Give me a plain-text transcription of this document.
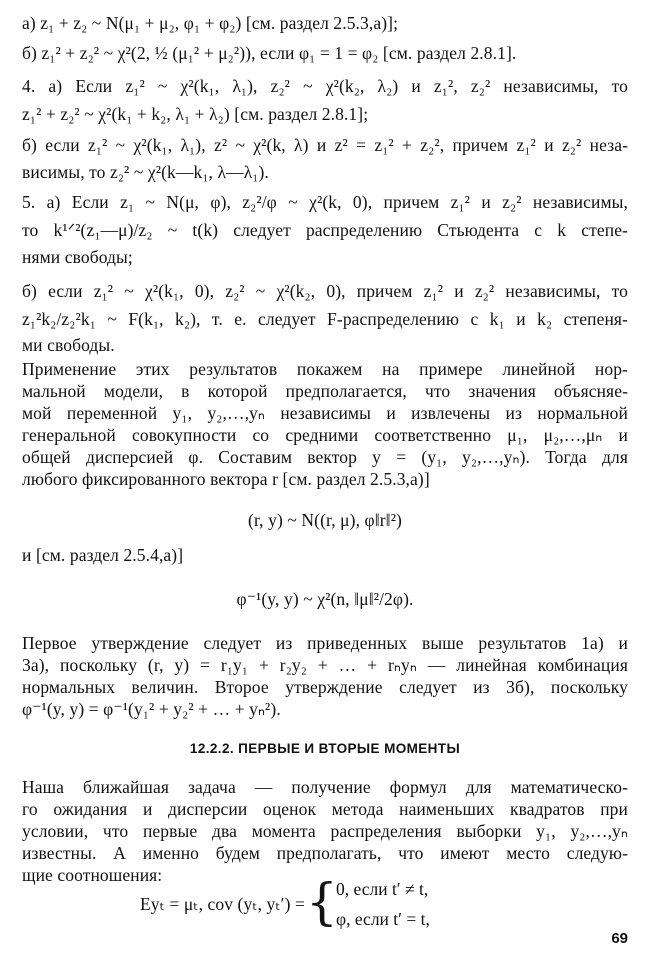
а) z₁ + z₂ ~ N(μ₁ + μ₂, φ₁ + φ₂) [см. раздел 2.5.3,а)];
б) z₁² + z₂² ~ χ²(2, ½ (μ₁² + μ₂²)), если φ₁ = 1 = φ₂ [см. раздел 2.8.1].
4. а) Если z₁² ~ χ²(k₁, λ₁), z₂² ~ χ²(k₂, λ₂) и z₁², z₂² независимы, то
z₁² + z₂² ~ χ²(k₁ + k₂, λ₁ + λ₂) [см. раздел 2.8.1];
б) если z₁² ~ χ²(k₁, λ₁), z² ~ χ²(k, λ) и z² = z₁² + z₂², причем z₁² и z₂² неза-
висимы, то z₂² ~ χ²(k—k₁, λ—λ₁).
5. а) Если z₁ ~ N(μ, φ), z₂²/φ ~ χ²(k, 0), причем z₁² и z₂² независимы,
то k¹ᐟ²(z₁—μ)/z₂ ~ t(k) следует распределению Стьюдента с k степе-
нями свободы;
б) если z₁² ~ χ²(k₁, 0), z₂² ~ χ²(k₂, 0), причем z₁² и z₂² независимы, то
z₁²k₂/z₂²k₁ ~ F(k₁, k₂), т. е. следует F-распределению с k₁ и k₂ степеня-
ми свободы.
Применение этих результатов покажем на примере линейной нор-
мальной модели, в которой предполагается, что значения объясняе-
мой переменной y₁, y₂,…,yₙ независимы и извлечены из нормальной
генеральной совокупности со средними соответственно μ₁, μ₂,…,μₙ и
общей дисперсией φ. Составим вектор y = (y₁, y₂,…,yₙ). Тогда для
любого фиксированного вектора r [см. раздел 2.5.3,а)]
(r, y) ~ N((r, μ), φ‖r‖²)
и [см. раздел 2.5.4,а)]
φ⁻¹(y, y) ~ χ²(n, ‖μ‖²/2φ).
Первое утверждение следует из приведенных выше результатов 1а) и
3а), поскольку (r, y) = r₁y₁ + r₂y₂ + … + rₙyₙ — линейная комбинация
нормальных величин. Второе утверждение следует из 3б), поскольку
φ⁻¹(y, y) = φ⁻¹(y₁² + y₂² + … + yₙ²).
12.2.2. ПЕРВЫЕ И ВТОРЫЕ МОМЕНТЫ
Наша ближайшая задача — получение формул для математическо-
го ожидания и дисперсии оценок метода наименьших квадратов при
условии, что первые два момента распределения выборки y₁, y₂,…,yₙ
известны. А именно будем предполагать, что имеют место следую-
щие соотношения:
Eyₜ = μₜ, cov (yₜ, yₜ′) = {
0, если t′ ≠ t,
φ, если t′ = t,
69
